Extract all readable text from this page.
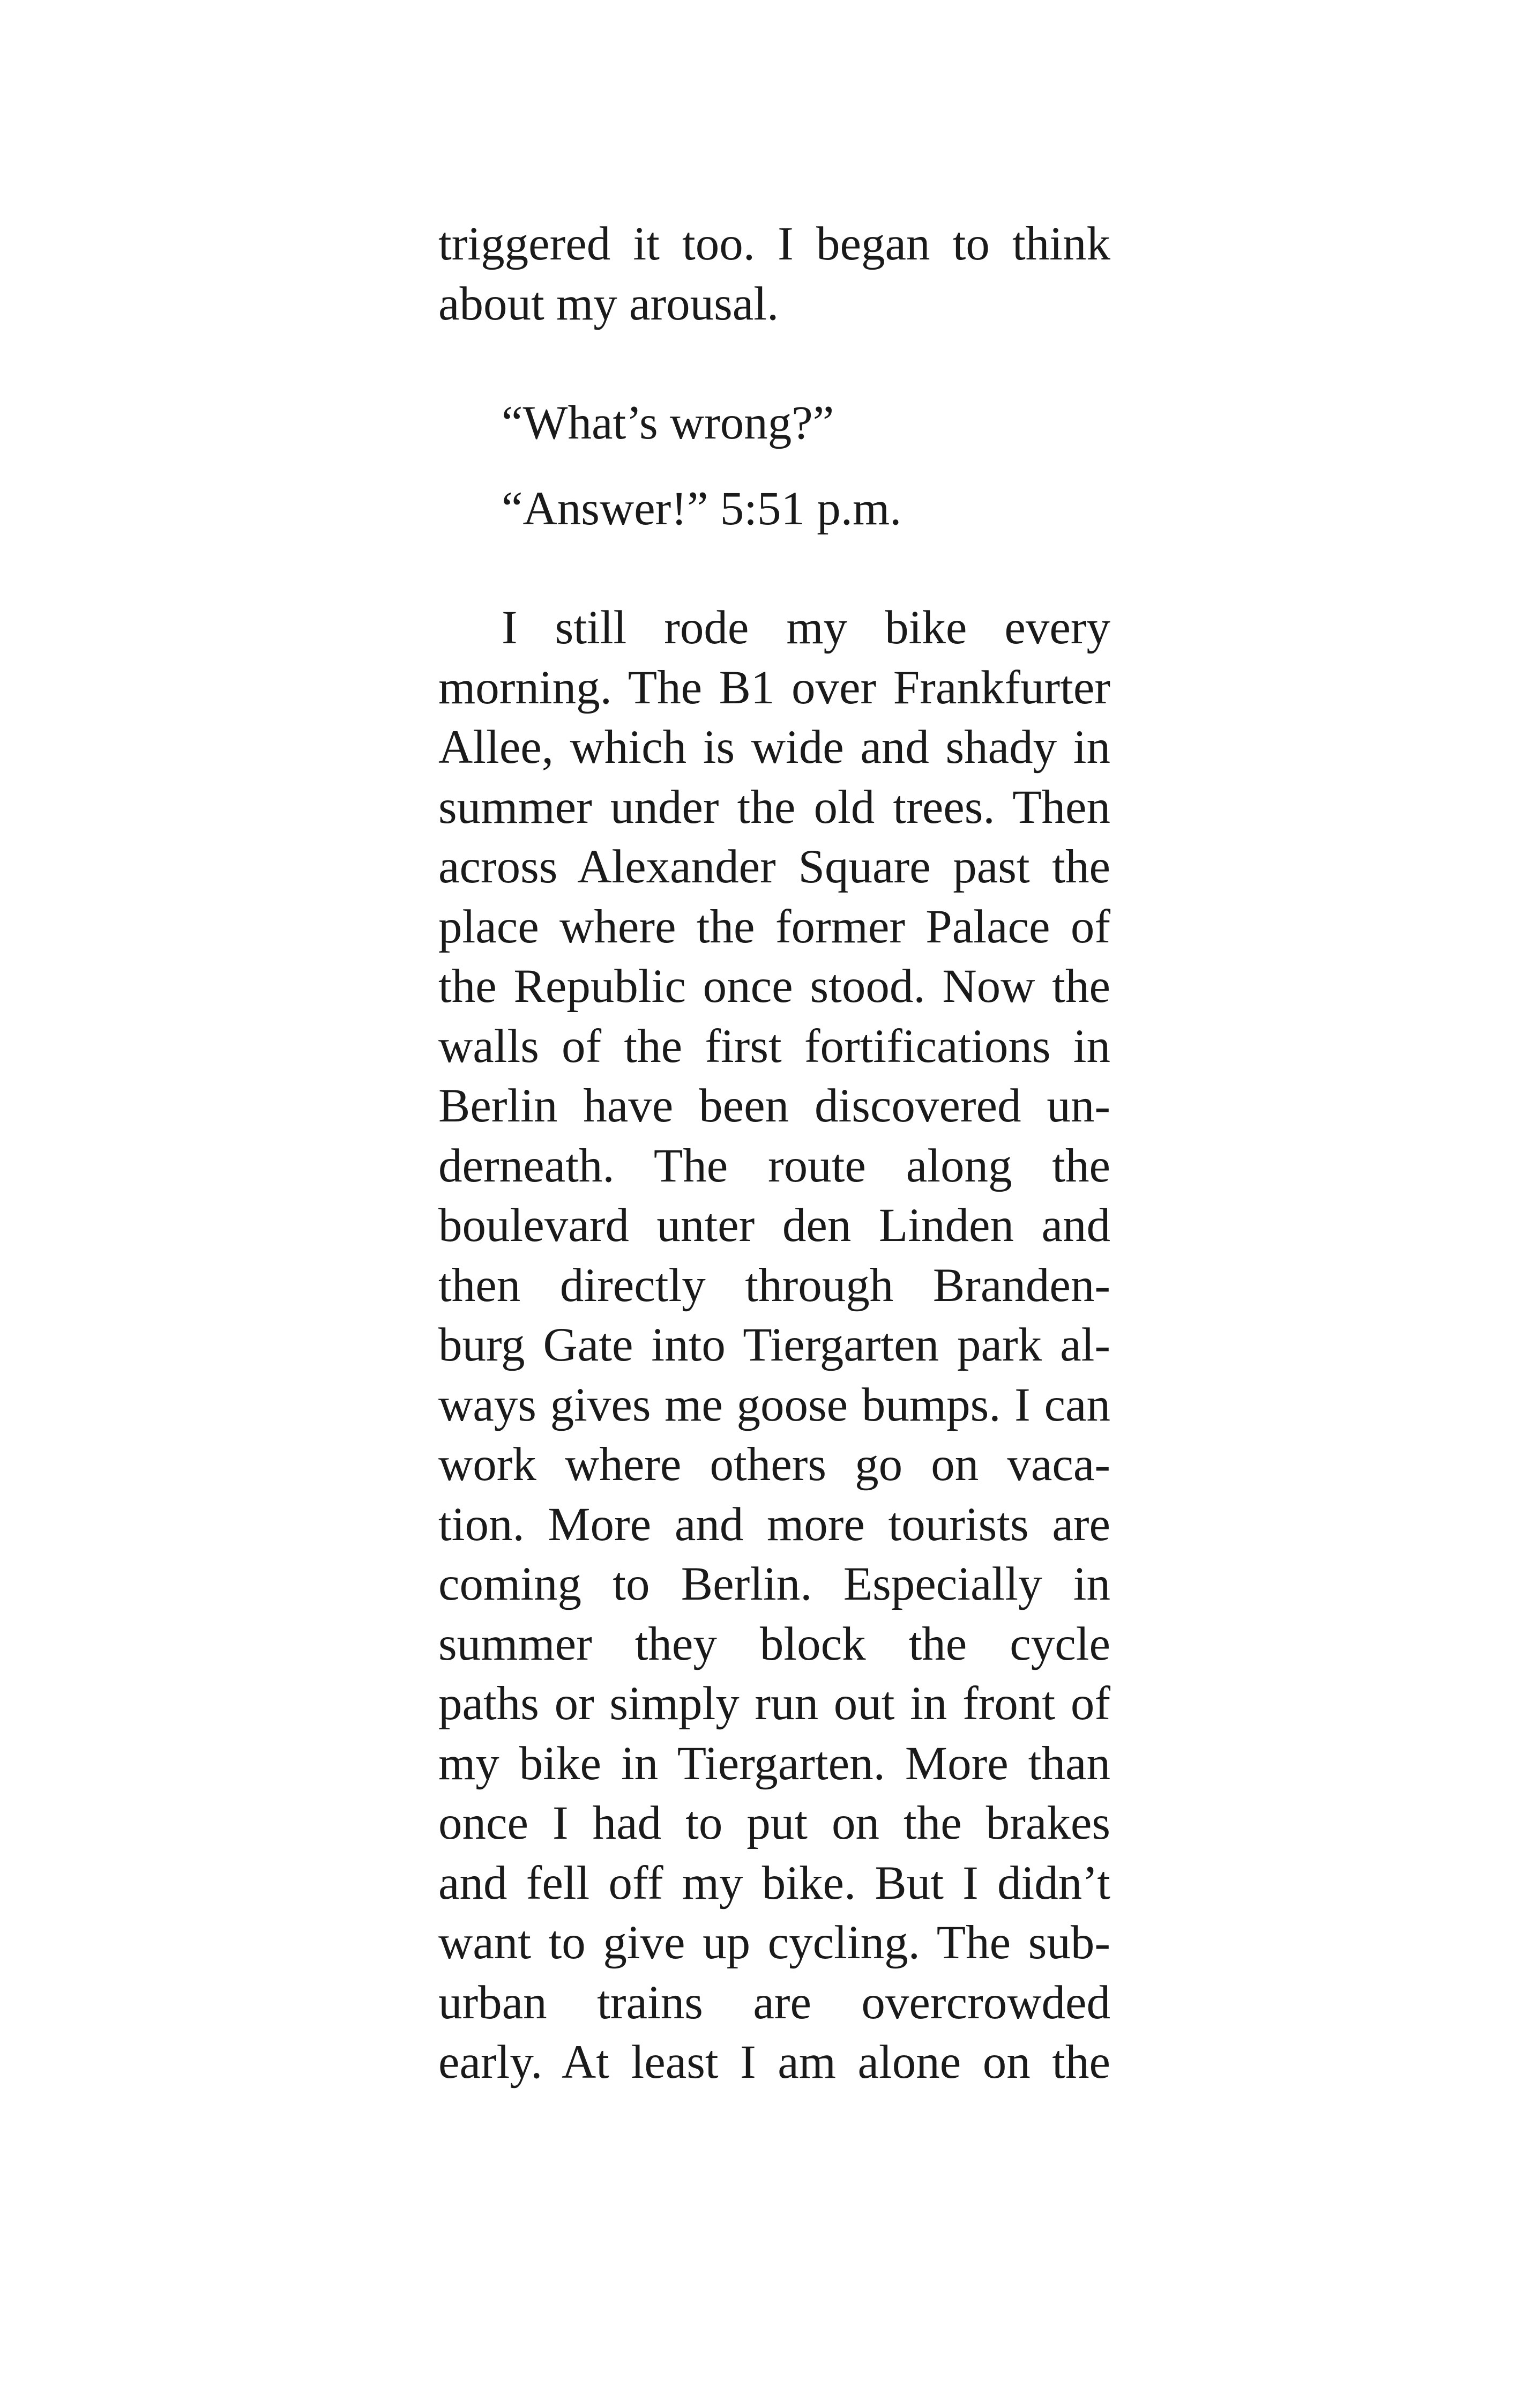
triggered it too. I began to think
about my arousal.
“What’s wrong?”
“Answer!” 5:51 p.m.
I still rode my bike every
morning. The B1 over Frankfurter
Allee, which is wide and shady in
summer under the old trees. Then
across Alexander Square past the
place where the former Palace of
the Republic once stood. Now the
walls of the first fortifications in
Berlin have been discovered un-
derneath. The route along the
boulevard unter den Linden and
then directly through Branden-
burg Gate into Tiergarten park al-
ways gives me goose bumps. I can
work where others go on vaca-
tion. More and more tourists are
coming to Berlin. Especially in
summer they block the cycle
paths or simply run out in front of
my bike in Tiergarten. More than
once I had to put on the brakes
and fell off my bike. But I didn’t
want to give up cycling. The sub-
urban trains are overcrowded
early. At least I am alone on the
